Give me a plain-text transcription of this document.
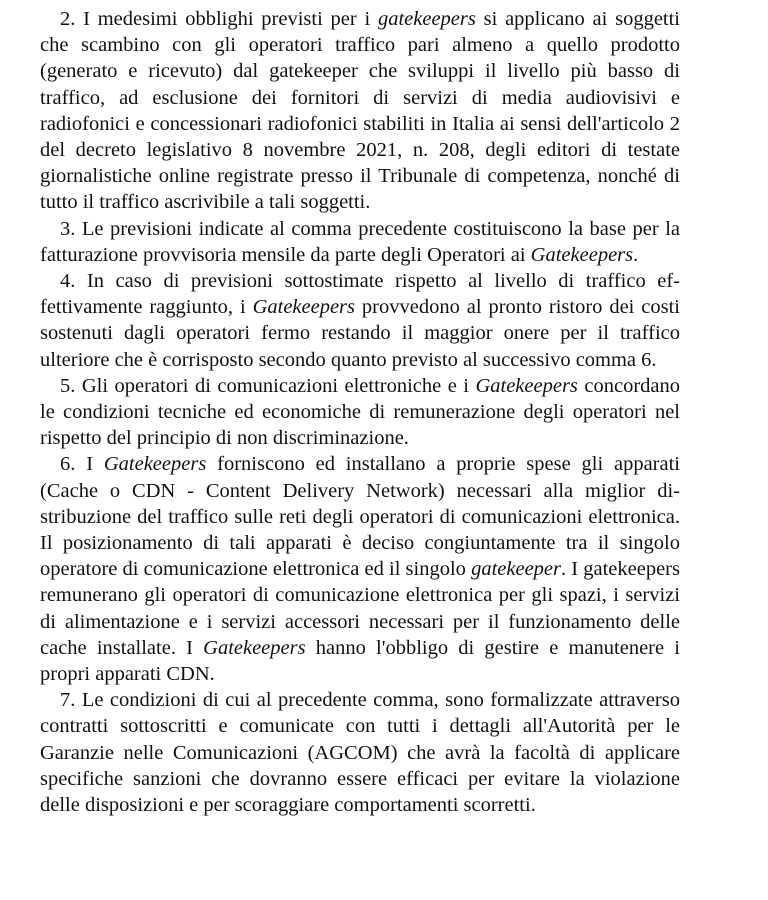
2. I medesimi obblighi previsti per i gatekeepers si applicano ai soggetti che scambino con gli operatori traffico pari almeno a quello prodotto (generato e ricevuto) dal gatekeeper che sviluppi il livello più basso di traffico, ad esclusione dei fornitori di servizi di media audiovisivi e radiofonici e concessionari radiofonici stabiliti in Italia ai sensi dell'articolo 2 del decreto legislativo 8 novembre 2021, n. 208, degli editori di testate giornalistiche online registrate presso il Tribunale di competenza, nonché di tutto il traffico ascrivibile a tali soggetti.

3. Le previsioni indicate al comma precedente costituiscono la base per la fatturazione provvisoria mensile da parte degli Operatori ai Gatekeepers.

4. In caso di previsioni sottostimate rispetto al livello di traffico effettivamente raggiunto, i Gatekeepers provvedono al pronto ristoro dei costi sostenuti dagli operatori fermo restando il maggior onere per il traffico ulteriore che è corrisposto secondo quanto previsto al successivo comma 6.

5. Gli operatori di comunicazioni elettroniche e i Gatekeepers concordano le condizioni tecniche ed economiche di remunerazione degli operatori nel rispetto del principio di non discriminazione.

6. I Gatekeepers forniscono ed installano a proprie spese gli apparati (Cache o CDN - Content Delivery Network) necessari alla miglior distribuzione del traffico sulle reti degli operatori di comunicazioni elettronica. Il posizionamento di tali apparati è deciso congiuntamente tra il singolo operatore di comunicazione elettronica ed il singolo gatekeeper. I gatekeepers remunerano gli operatori di comunicazione elettronica per gli spazi, i servizi di alimentazione e i servizi accessori necessari per il funzionamento delle cache installate. I Gatekeepers hanno l'obbligo di gestire e manutenere i propri apparati CDN.

7. Le condizioni di cui al precedente comma, sono formalizzate attraverso contratti sottoscritti e comunicate con tutti i dettagli all'Autorità per le Garanzie nelle Comunicazioni (AGCOM) che avrà la facoltà di applicare specifiche sanzioni che dovranno essere efficaci per evitare la violazione delle disposizioni e per scoraggiare comportamenti scorretti.
